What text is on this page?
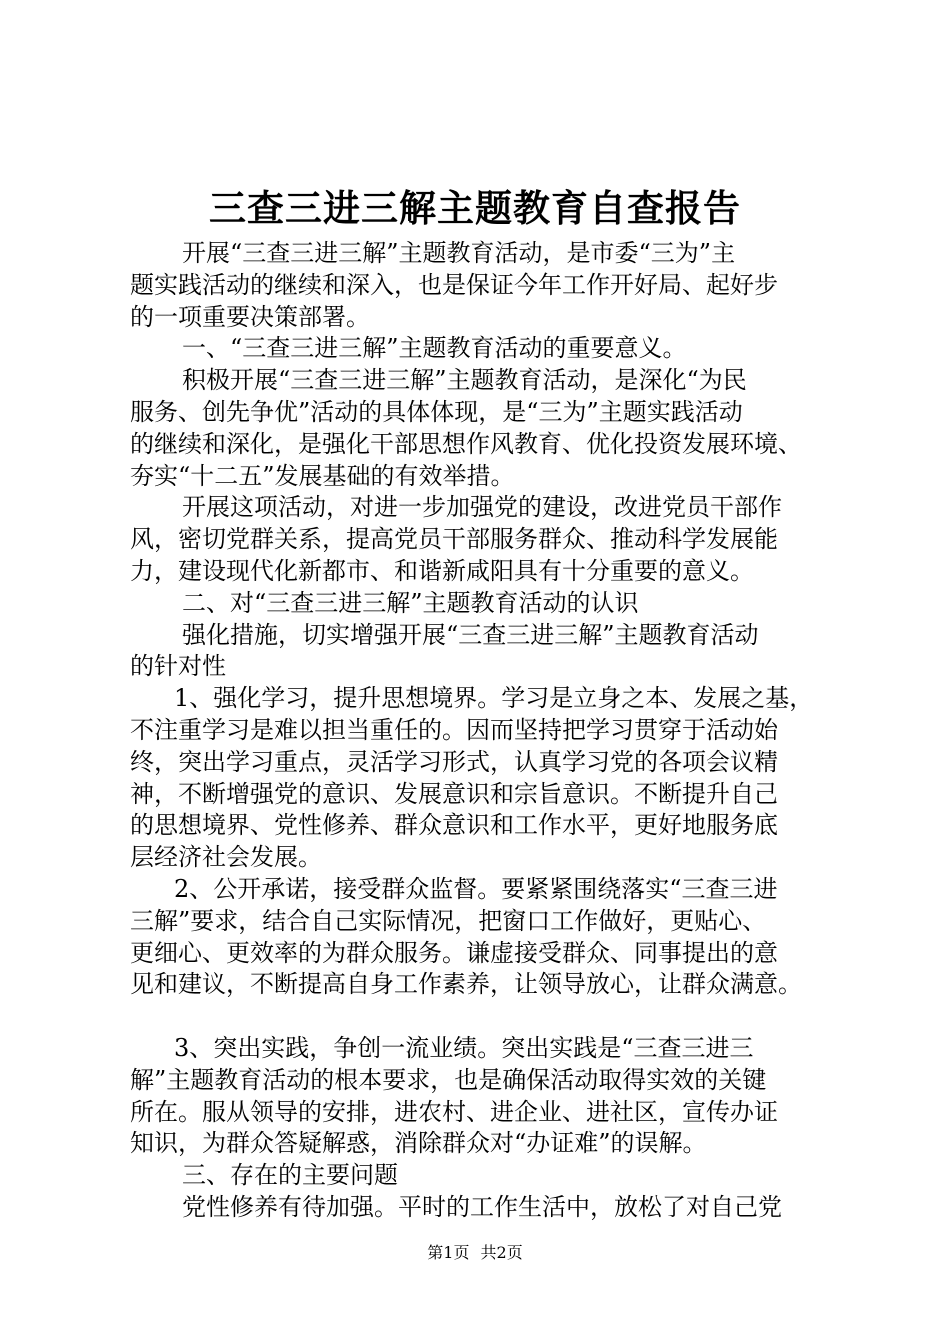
三查三进三解主题教育自查报告
开展“三查三进三解”主题教育活动，是市委“三为”主
题实践活动的继续和深入，也是保证今年工作开好局、起好步
的一项重要决策部署。
一、“三查三进三解”主题教育活动的重要意义。
积极开展“三查三进三解”主题教育活动，是深化“为民
服务、创先争优”活动的具体体现，是“三为”主题实践活动
的继续和深化，是强化干部思想作风教育、优化投资发展环境、
夯实“十二五”发展基础的有效举措。
开展这项活动，对进一步加强党的建设，改进党员干部作
风，密切党群关系，提高党员干部服务群众、推动科学发展能
力，建设现代化新都市、和谐新咸阳具有十分重要的意义。
二、对“三查三进三解”主题教育活动的认识
强化措施，切实增强开展“三查三进三解”主题教育活动
的针对性
1、强化学习，提升思想境界。学习是立身之本、发展之基，
不注重学习是难以担当重任的。因而坚持把学习贯穿于活动始
终，突出学习重点，灵活学习形式，认真学习党的各项会议精
神，不断增强党的意识、发展意识和宗旨意识。不断提升自己
的思想境界、党性修养、群众意识和工作水平，更好地服务底
层经济社会发展。
2、公开承诺，接受群众监督。要紧紧围绕落实“三查三进
三解”要求，结合自己实际情况，把窗口工作做好，更贴心、
更细心、更效率的为群众服务。谦虚接受群众、同事提出的意
见和建议，不断提高自身工作素养，让领导放心，让群众满意。
3、突出实践，争创一流业绩。突出实践是“三查三进三
解”主题教育活动的根本要求，也是确保活动取得实效的关键
所在。服从领导的安排，进农村、进企业、进社区，宣传办证
知识，为群众答疑解惑，消除群众对“办证难”的误解。
三、存在的主要问题
党性修养有待加强。平时的工作生活中，放松了对自己党
第1页 共2页
